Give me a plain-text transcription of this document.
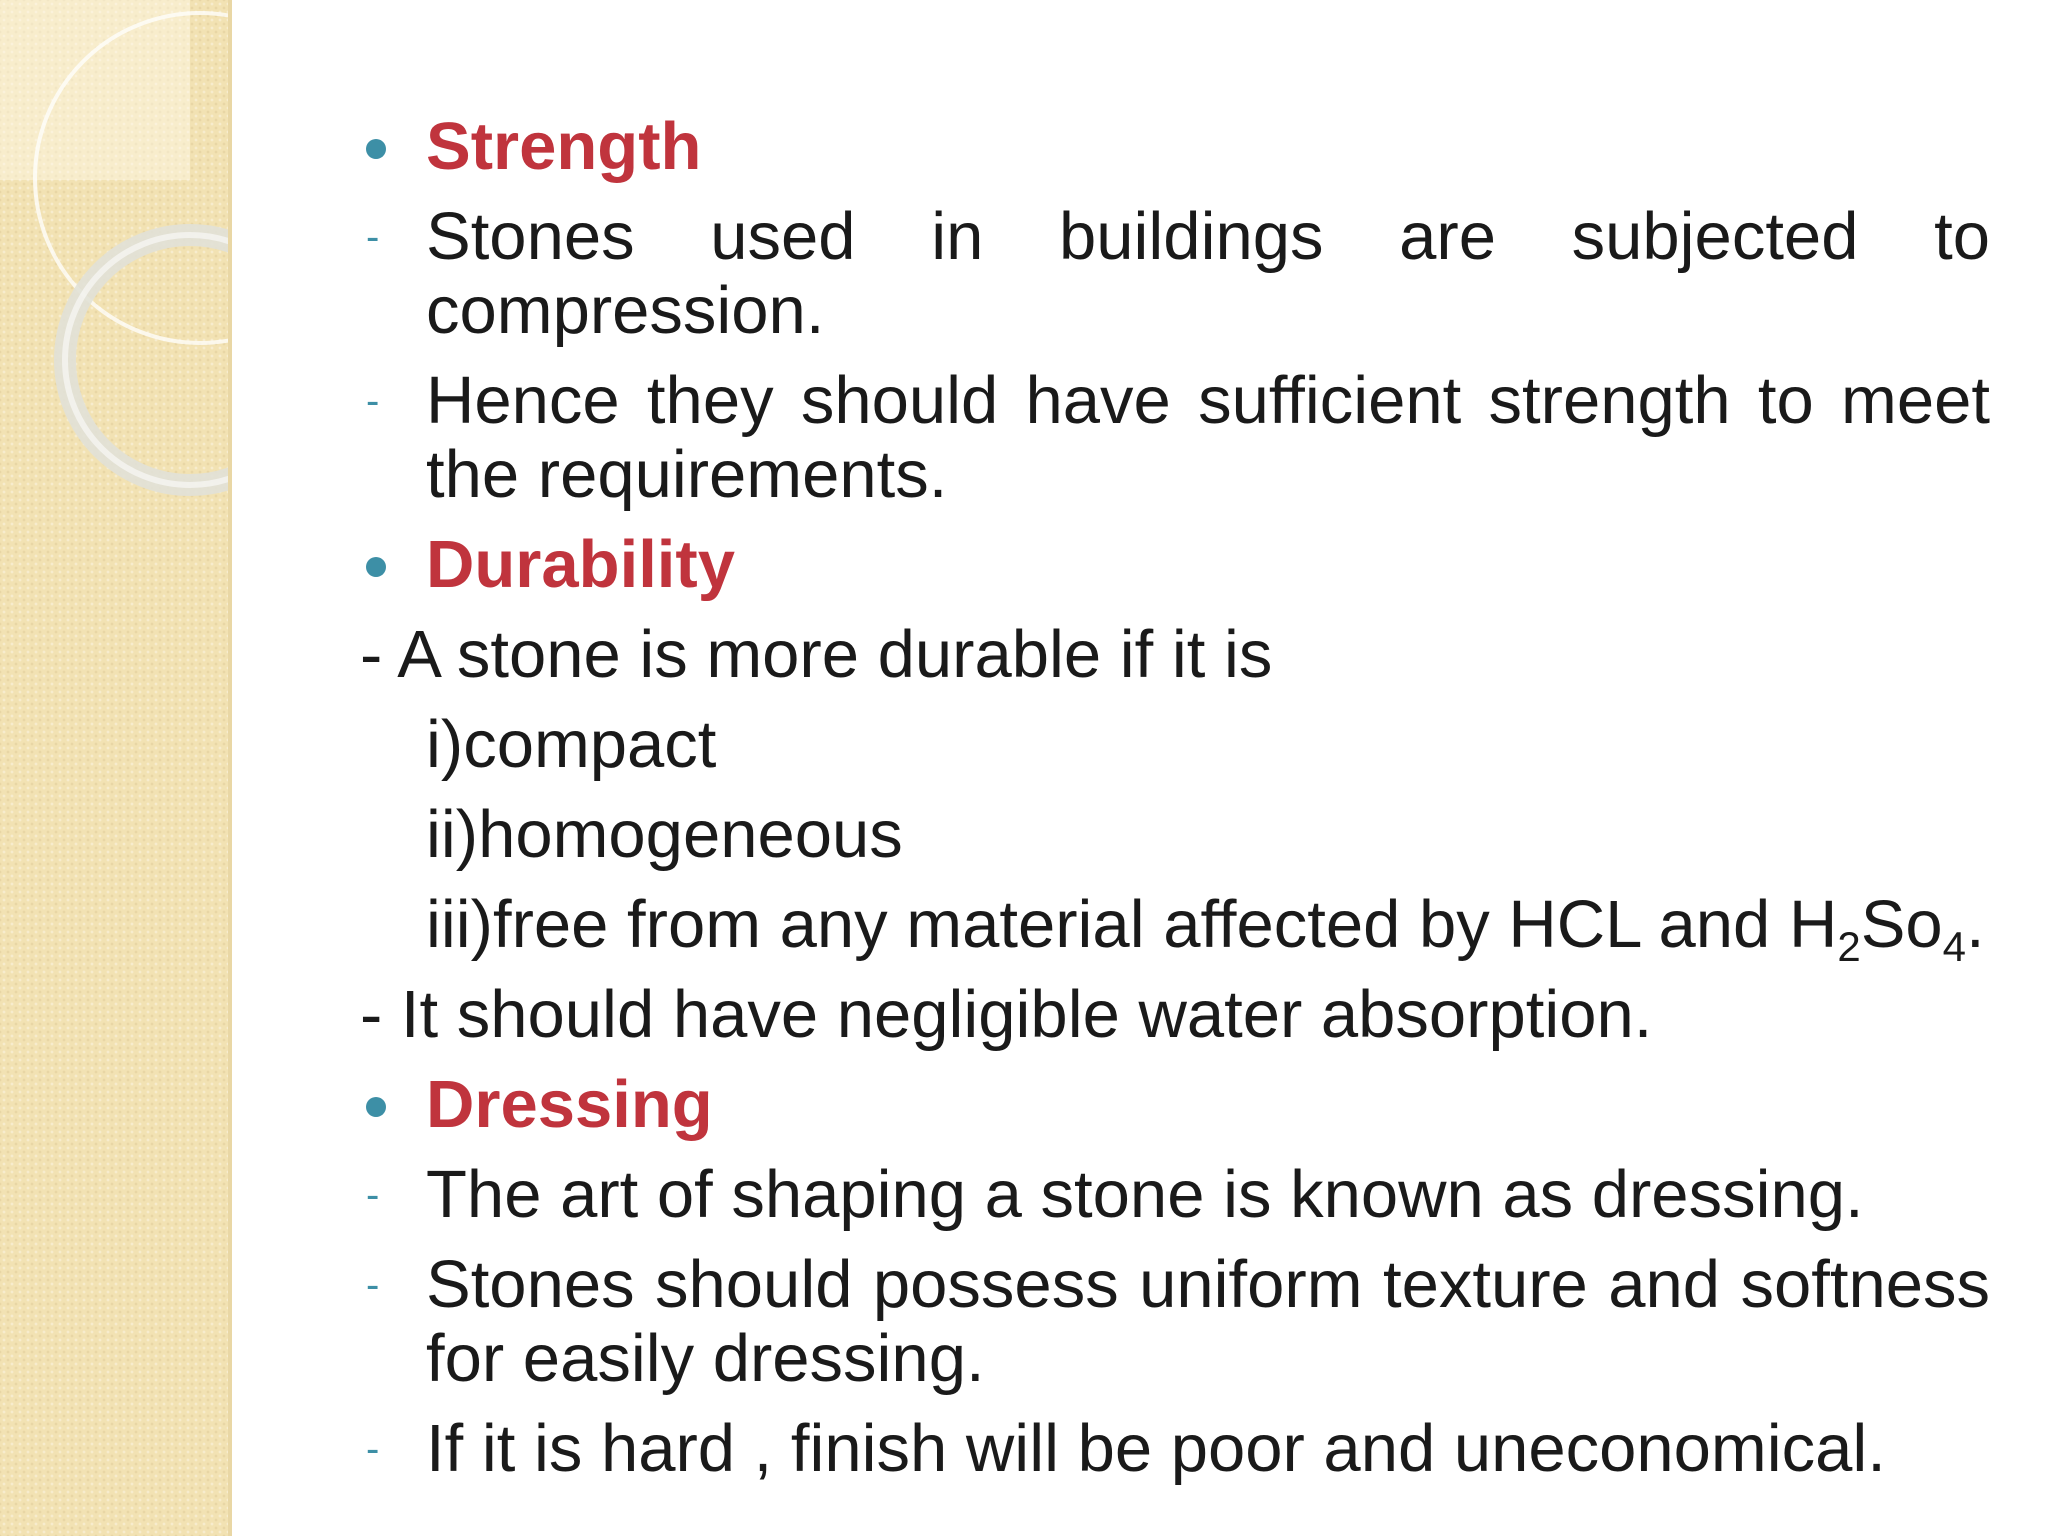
Strength

- Stones used in buildings are subjected to compression.

- Hence they should have sufficient strength to meet the requirements.

Durability

- A stone is more durable if it is

i)compact

ii)homogeneous

iii)free from any material affected by HCL and $H_2So_4$.

- It should have negligible water absorption.

Dressing

- The art of shaping a stone is known as dressing.

- Stones should possess uniform texture and softness for easily dressing.

- If it is hard , finish will be poor and uneconomical.
